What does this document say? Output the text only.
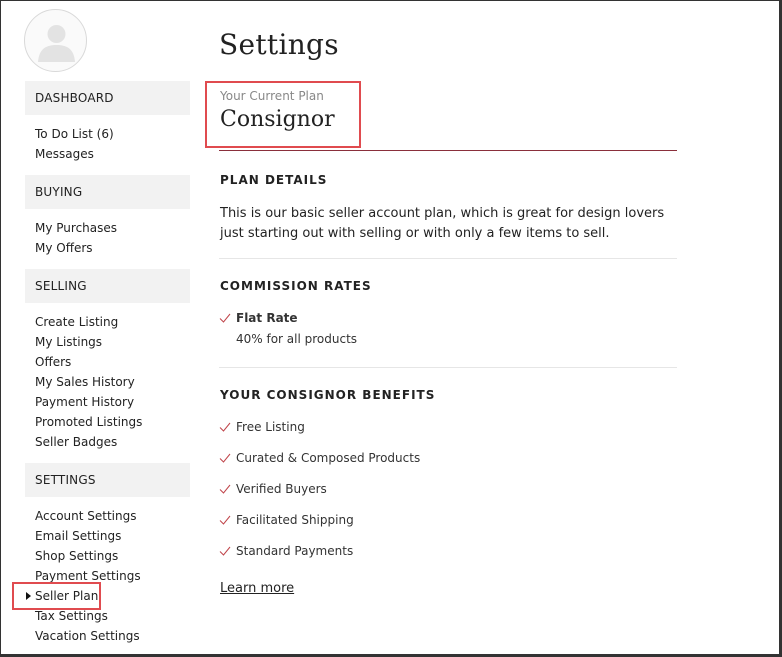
DASHBOARD
To Do List (6)
Messages
BUYING
My Purchases
My Offers
SELLING
Create Listing
My Listings
Offers
My Sales History
Payment History
Promoted Listings
Seller Badges
SETTINGS
Account Settings
Email Settings
Shop Settings
Payment Settings
Seller Plan
Tax Settings
Vacation Settings
Settings
Your Current Plan
Consignor
PLAN DETAILS
This is our basic seller account plan, which is great for design lovers just starting out with selling or with only a few items to sell.
COMMISSION RATES
Flat Rate
40% for all products
YOUR CONSIGNOR BENEFITS
Free Listing
Curated & Composed Products
Verified Buyers
Facilitated Shipping
Standard Payments
Learn more
